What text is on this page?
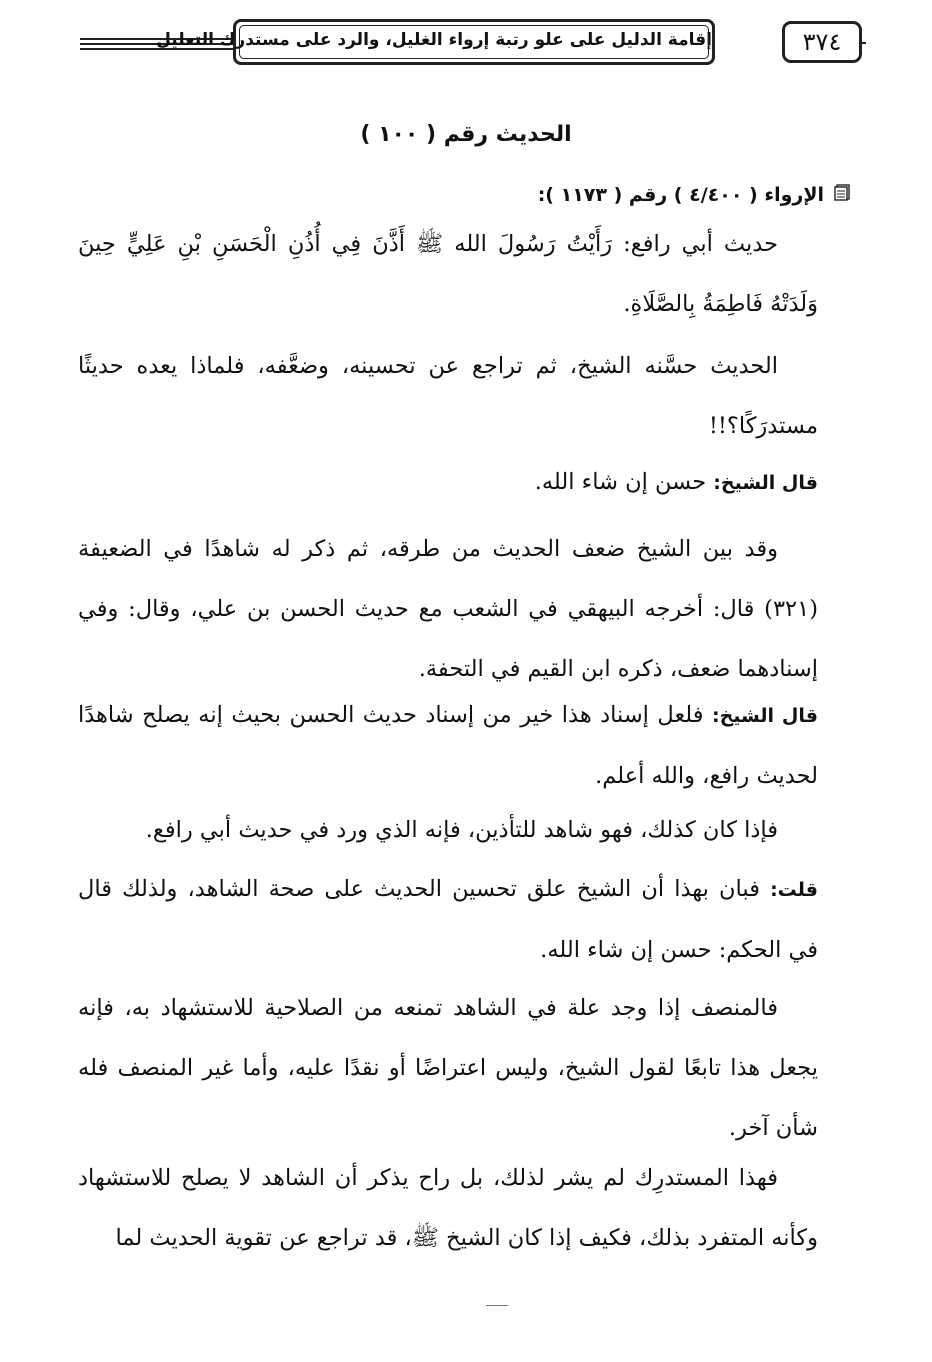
إقامة الدليل على علو رتبة إرواء الغليل، والرد على مستدرك التعليل	٣٧٤
الحديث رقم ( ١٠٠ )
الإرواء ( ٤/٤٠٠ ) رقم ( ١١٧٣ ):

حديث أبي رافع: رَأَيْتُ رَسُولَ الله ﷺ أَذَّنَ فِي أُذُنِ الْحَسَنِ بْنِ عَلِيٍّ حِينَ وَلَدَتْهُ فَاطِمَةُ بِالصَّلَاةِ.

الحديث حسَّنه الشيخ، ثم تراجع عن تحسينه، وضعَّفه، فلماذا يعده حديثًا مستدرَكًا؟!!

قال الشيخ: حسن إن شاء الله.

وقد بين الشيخ ضعف الحديث من طرقه، ثم ذكر له شاهدًا في الضعيفة (٣٢١) قال: أخرجه البيهقي في الشعب مع حديث الحسن بن علي، وقال: وفي إسنادهما ضعف، ذكره ابن القيم في التحفة.

قال الشيخ: فلعل إسناد هذا خير من إسناد حديث الحسن بحيث إنه يصلح شاهدًا لحديث رافع، والله أعلم.

فإذا كان كذلك، فهو شاهد للتأذين، فإنه الذي ورد في حديث أبي رافع.

قلت: فبان بهذا أن الشيخ علق تحسين الحديث على صحة الشاهد، ولذلك قال في الحكم: حسن إن شاء الله.

فالمنصف إذا وجد علة في الشاهد تمنعه من الصلاحية للاستشهاد به، فإنه يجعل هذا تابعًا لقول الشيخ، وليس اعتراضًا أو نقدًا عليه، وأما غير المنصف فله شأن آخر.

فهذا المستدرِك لم يشر لذلك، بل راح يذكر أن الشاهد لا يصلح للاستشهاد وكأنه المتفرد بذلك، فكيف إذا كان الشيخ ﷺ، قد تراجع عن تقوية الحديث لما
